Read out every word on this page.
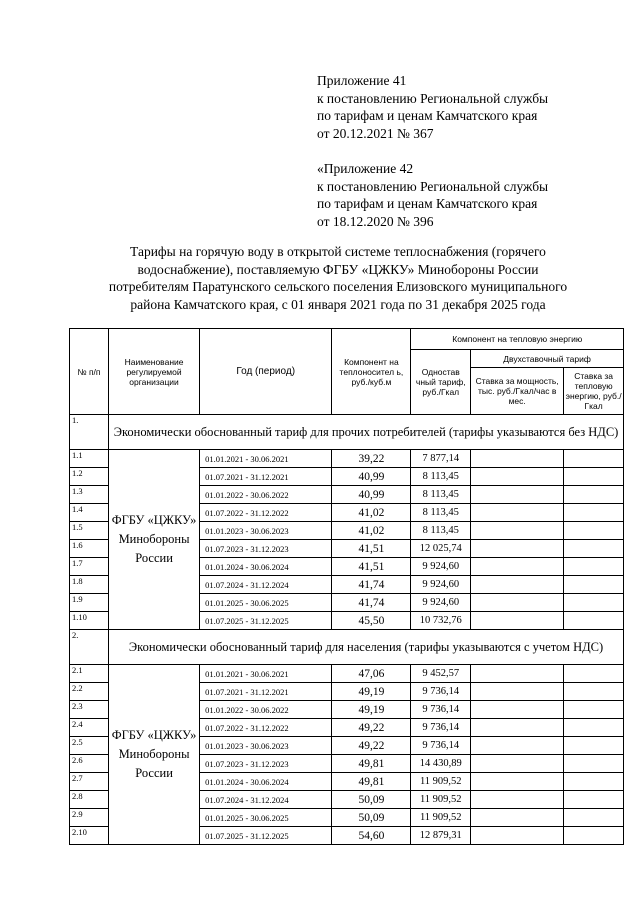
Приложение 41
к постановлению Региональной службы
по тарифам и ценам Камчатского края
от 20.12.2021 № 367
«Приложение 42
к постановлению Региональной службы
по тарифам и ценам Камчатского края
от 18.12.2020 № 396
Тарифы на горячую воду в открытой системе теплоснабжения (горячего
водоснабжение), поставляемую ФГБУ «ЦЖКУ» Минобороны России
потребителям Паратунского сельского поселения Елизовского муниципального
района Камчатского края, с 01 января 2021 года по 31 декабря 2025 года
№ п/п	Наименование регулируемой организации	Год (период)	Компонент на теплоносител ь, руб./куб.м	Компонент на тепловую энергию		
				Одностав чный тариф, руб./Гкал	Двухставочный тариф	
					Ставка за мощность, тыс. руб./Гкал/час в мес.	Ставка за тепловую энергию, руб./Гкал
1.	Экономически обоснованный тариф для прочих потребителей (тарифы указываются без НДС)					
1.1	ФГБУ «ЦЖКУ» Минобороны России	01.01.2021 - 30.06.2021	39,22	7 877,14		
1.2		01.07.2021 - 31.12.2021	40,99	8 113,45		
1.3		01.01.2022 - 30.06.2022	40,99	8 113,45		
1.4		01.07.2022 - 31.12.2022	41,02	8 113,45		
1.5		01.01.2023 - 30.06.2023	41,02	8 113,45		
1.6		01.07.2023 - 31.12.2023	41,51	12 025,74		
1.7		01.01.2024 - 30.06.2024	41,51	9 924,60		
1.8		01.07.2024 - 31.12.2024	41,74	9 924,60		
1.9		01.01.2025 - 30.06.2025	41,74	9 924,60		
1.10		01.07.2025 - 31.12.2025	45,50	10 732,76		
2.	Экономически обоснованный тариф для населения (тарифы указываются с учетом НДС)					
2.1	ФГБУ «ЦЖКУ» Минобороны России	01.01.2021 - 30.06.2021	47,06	9 452,57		
2.2		01.07.2021 - 31.12.2021	49,19	9 736,14		
2.3		01.01.2022 - 30.06.2022	49,19	9 736,14		
2.4		01.07.2022 - 31.12.2022	49,22	9 736,14		
2.5		01.01.2023 - 30.06.2023	49,22	9 736,14		
2.6		01.07.2023 - 31.12.2023	49,81	14 430,89		
2.7		01.01.2024 - 30.06.2024	49,81	11 909,52		
2.8		01.07.2024 - 31.12.2024	50,09	11 909,52		
2.9		01.01.2025 - 30.06.2025	50,09	11 909,52		
2.10		01.07.2025 - 31.12.2025	54,60	12 879,31		
